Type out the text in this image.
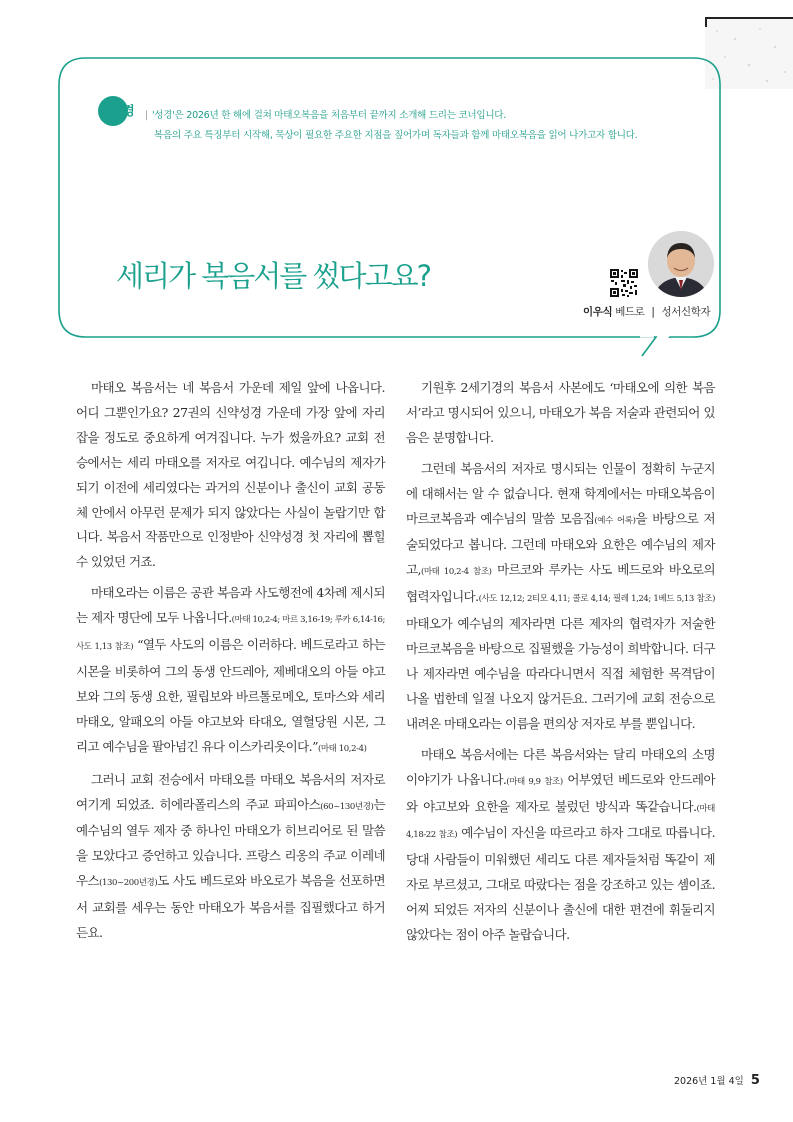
성경 | '성경'은 2026년 한 해에 걸쳐 마태오복음을 처음부터 끝까지 소개해 드리는 코너입니다.
복음의 주요 특징부터 시작해, 묵상이 필요한 주요한 지점을 짚어가며 독자들과 함께 마태오복음을 읽어 나가고자 합니다.
세리가 복음서를 썼다고요?
이우식 베드로 | 성서신학자

마태오 복음서는 네 복음서 가운데 제일 앞에 나옵니다. 어디 그뿐인가요? 27권의 신약성경 가운데 가장 앞에 자리 잡을 정도로 중요하게 여겨집니다. 누가 썼을까요? 교회 전승에서는 세리 마태오를 저자로 여깁니다. 예수님의 제자가 되기 이전에 세리였다는 과거의 신분이나 출신이 교회 공동체 안에서 아무런 문제가 되지 않았다는 사실이 놀랍기만 합니다. 복음서 작품만으로 인정받아 신약성경 첫 자리에 뽑힐 수 있었던 거죠.

마태오라는 이름은 공관 복음과 사도행전에 4차례 제시되는 제자 명단에 모두 나옵니다.(마태 10,2-4; 마르 3,16-19; 루카 6,14-16; 사도 1,13 참조) “열두 사도의 이름은 이러하다. 베드로라고 하는 시몬을 비롯하여 그의 동생 안드레아, 제베대오의 아들 야고보와 그의 동생 요한, 필립보와 바르톨로메오, 토마스와 세리 마태오, 알패오의 아들 야고보와 타대오, 열혈당원 시몬, 그리고 예수님을 팔아넘긴 유다 이스카리옷이다.”(마태 10,2-4)

그러니 교회 전승에서 마태오를 마태오 복음서의 저자로 여기게 되었죠. 히에라폴리스의 주교 파피아스(60~130년경)는 예수님의 열두 제자 중 하나인 마태오가 히브리어로 된 말씀을 모았다고 증언하고 있습니다. 프랑스 리옹의 주교 이레네우스(130~200년경)도 사도 베드로와 바오로가 복음을 선포하면서 교회를 세우는 동안 마태오가 복음서를 집필했다고 하거든요.

기원후 2세기경의 복음서 사본에도 ‘마태오에 의한 복음서’라고 명시되어 있으니, 마태오가 복음 저술과 관련되어 있음은 분명합니다.

그런데 복음서의 저자로 명시되는 인물이 정확히 누군지에 대해서는 알 수 없습니다. 현재 학계에서는 마태오복음이 마르코복음과 예수님의 말씀 모음집(예수 어록)을 바탕으로 저술되었다고 봅니다. 그런데 마태오와 요한은 예수님의 제자고,(마태 10,2-4 참조) 마르코와 루카는 사도 베드로와 바오로의 협력자입니다.(사도 12,12; 2티모 4,11; 콜로 4,14; 필레 1,24; 1베드 5,13 참조) 마태오가 예수님의 제자라면 다른 제자의 협력자가 저술한 마르코복음을 바탕으로 집필했을 가능성이 희박합니다. 더구나 제자라면 예수님을 따라다니면서 직접 체험한 목격담이 나올 법한데 일절 나오지 않거든요. 그러기에 교회 전승으로 내려온 마태오라는 이름을 편의상 저자로 부를 뿐입니다.

마태오 복음서에는 다른 복음서와는 달리 마태오의 소명 이야기가 나옵니다.(마태 9,9 참조) 어부였던 베드로와 안드레아와 야고보와 요한을 제자로 불렀던 방식과 똑같습니다.(마태 4,18-22 참조) 예수님이 자신을 따르라고 하자 그대로 따릅니다. 당대 사람들이 미워했던 세리도 다른 제자들처럼 똑같이 제자로 부르셨고, 그대로 따랐다는 점을 강조하고 있는 셈이죠. 어찌 되었든 저자의 신분이나 출신에 대한 편견에 휘둘리지 않았다는 점이 아주 놀랍습니다.

2026년 1월 4일 5
